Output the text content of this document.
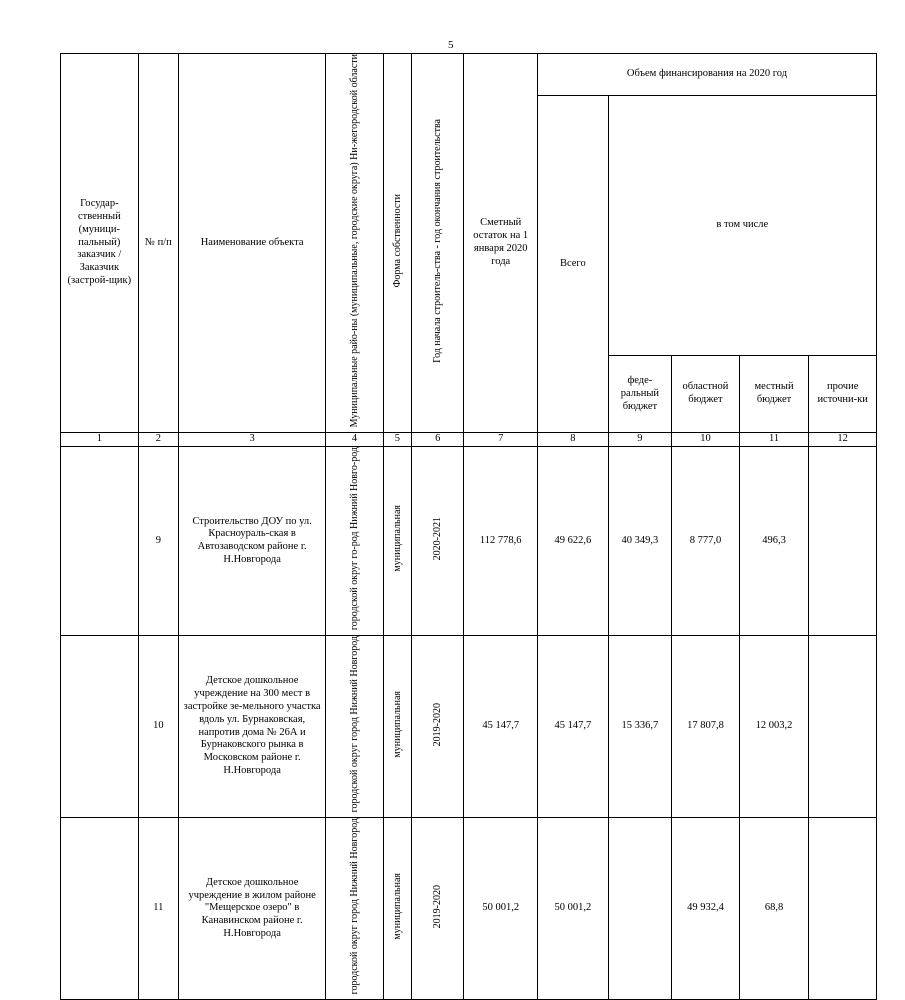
5
Государ-ственный (муници-пальный) заказчик / Заказчик (застрой-щик)	№ п/п	Наименование объекта	Муниципальные райо-ны (муниципальные, городские округа) Ни-жегородской области	Форма собственности	Год начала строитель-ства - год окончания строительства	Сметный остаток на 1 января 2020 года	Объем финансирования на 2020 год				
							Всего	в том числе			
								феде-ральный бюджет	областной бюджет	местный бюджет	прочие источни-ки
1	2	3	4	5	6	7	8	9	10	11	12
	9	Строительство ДОУ по ул. Красноураль-ская в Автозаводском районе г. Н.Новгорода	городской округ го-род Нижний Новго-род	муниципальная	2020-2021	112 778,6	49 622,6	40 349,3	8 777,0	496,3	
	10	Детское дошкольное учреждение на 300 мест в застройке зе-мельного участка вдоль ул. Бурнаковская, напротив дома № 26А и Бурнаковского рынка в Московском районе г. Н.Новгорода	городской округ город Нижний Новгород	муниципальная	2019-2020	45 147,7	45 147,7	15 336,7	17 807,8	12 003,2	
	11	Детское дошкольное учреждение в жилом районе "Мещерское озеро" в Канавинском районе г. Н.Новгорода	городской округ город Нижний Новгород	муниципальная	2019-2020	50 001,2	50 001,2		49 932,4	68,8	
